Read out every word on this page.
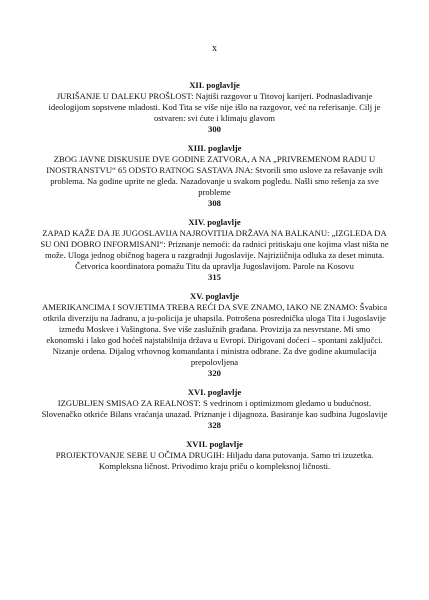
x
XII. poglavlje
JURIŠANJE U DALEKU PROŠLOST: Najtiši razgovor u Titovoj karijeri. Podnaslađivanje ideologijom sopstvene mladosti. Kod Tita se više nije išlo na razgovor, već na referisanje. Cilj je ostvaren: svi ćute i klimaju glavom
300
XIII. poglavlje
ZBOG JAVNE DISKUSIJE DVE GODINE ZATVORA, A NA „PRIVREMENOM RADU U INOSTRANSTVU“ 65 ODSTO RATNOG SASTAVA JNA: Stvorili smo uslove za rešavanje svih problema. Na godine uprite ne gleda. Nazadovanje u svakom pogledu. Našli smo rešenja za sve probleme
308
XIV. poglavlje
ZAPAD KAŽE DA JE JUGOSLAVIJA NAJROVITIJA DRŽAVA NA BALKANU: „IZGLEDA DA SU ONI DOBRO INFORMISANI“: Priznanje nemoći: da radnici pritiskaju one kojima vlast ništa ne može. Uloga jednog običnog bagera u razgradnji Jugoslavije. Najriziičnija odluka za deset minuta. Četvorica koordinatora pomažu Titu da upravlja Jugoslavijom. Parole na Kosovu
315
XV. poglavlje
AMERIKANCIMA I SOVJETIMA TREBA REĆI DA SVE ZNAMO, IAKO NE ZNAMO: Švabica otkrila diverziju na Jadranu, a ju-policija je uhapsila. Potrošena posrednička uloga Tita i Jugoslavije između Moskve i Vašingtona. Sve više zaslužnih građana. Provizija za nesvrstane. Mi smo ekonomski i lako god hoćeš najstabilnija država u Evropi. Dirigovani doćeci – spontani zaključci. Nizanje ordena. Dijalog vrhovnog komandanta i ministra odbrane. Za dve godine akumulacija prepolovljena
320
XVI. poglavlje
IZGUBLJEN SMISAO ZA REALNOST: S vedrinom i optimizmom gledamo u budućnost. Slovenačko otkriće Bilans vraćanja unazad. Priznanje i dijagnoza. Basiranje kao sudbina Jugoslavije
328
XVII. poglavlje
PROJEKTOVANJE SEBE U OČIMA DRUGIH: Hiljadu dana putovanja. Samo tri izuzetka. Kompleksna ličnost. Privodimo kraju priču o kompleksnoj ličnosti.
